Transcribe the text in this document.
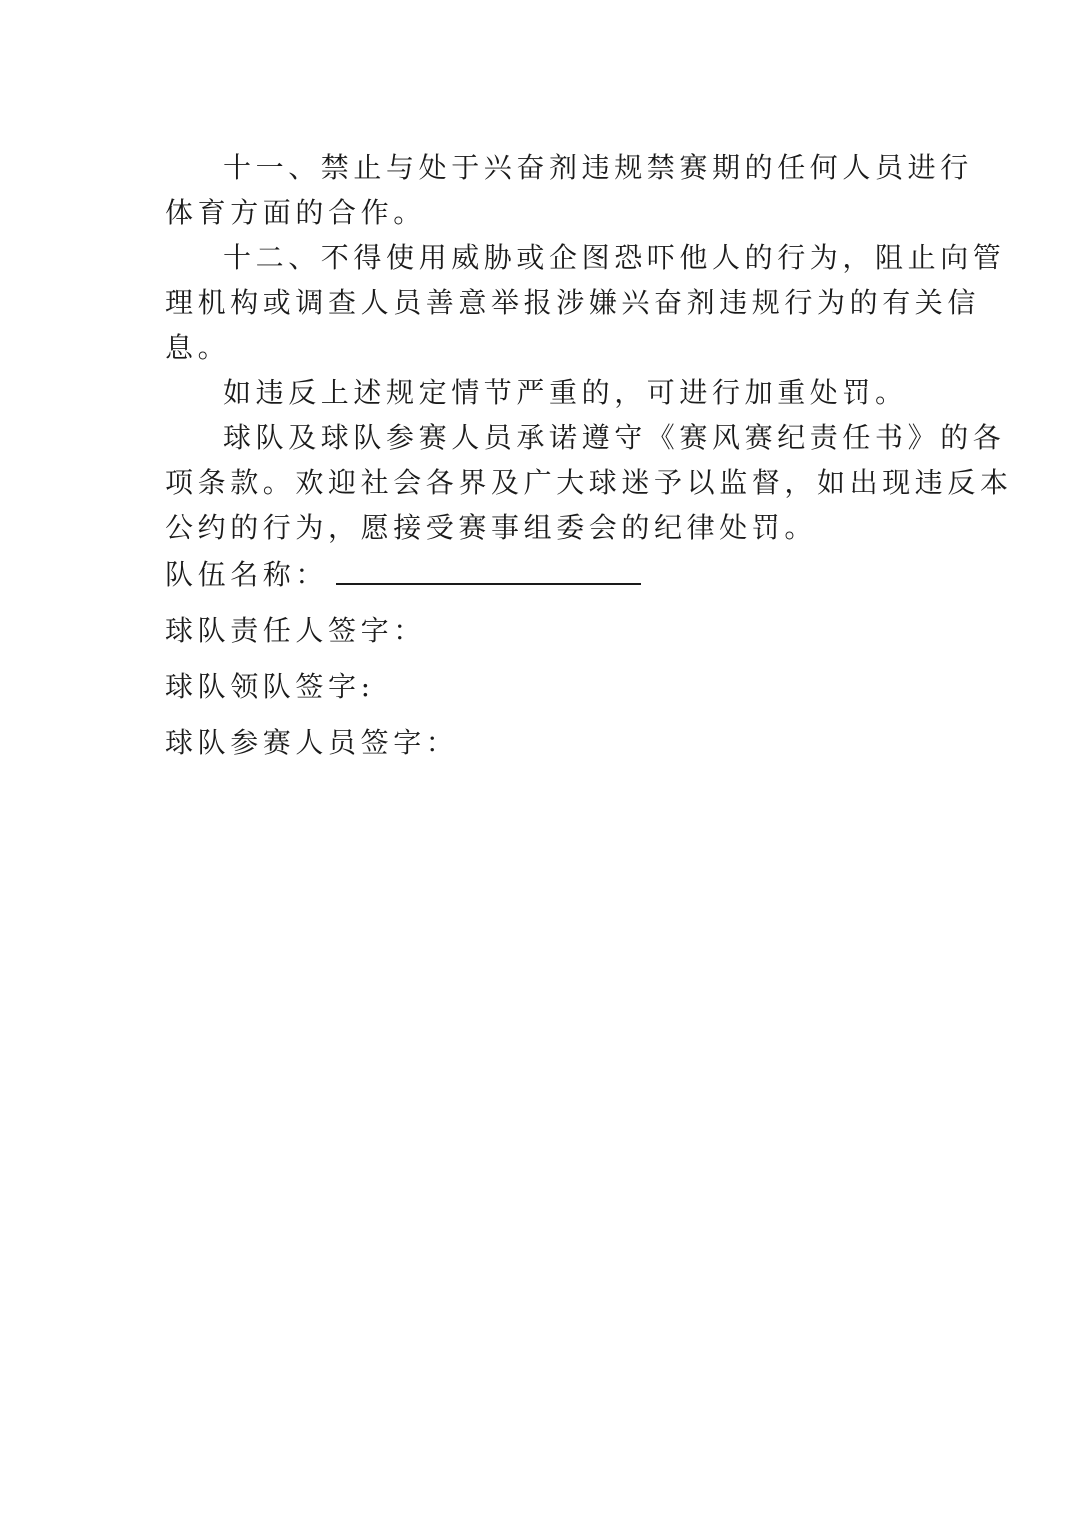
十一、禁止与处于兴奋剂违规禁赛期的任何人员进行

体育方面的合作。

十二、不得使用威胁或企图恐吓他人的行为，阻止向管

理机构或调查人员善意举报涉嫌兴奋剂违规行为的有关信

息。

如违反上述规定情节严重的，可进行加重处罚。

球队及球队参赛人员承诺遵守《赛风赛纪责任书》的各

项条款。欢迎社会各界及广大球迷予以监督，如出现违反本

公约的行为，愿接受赛事组委会的纪律处罚。

队伍名称：
球队责任人签字：
球队领队签字:
球队参赛人员签字：
